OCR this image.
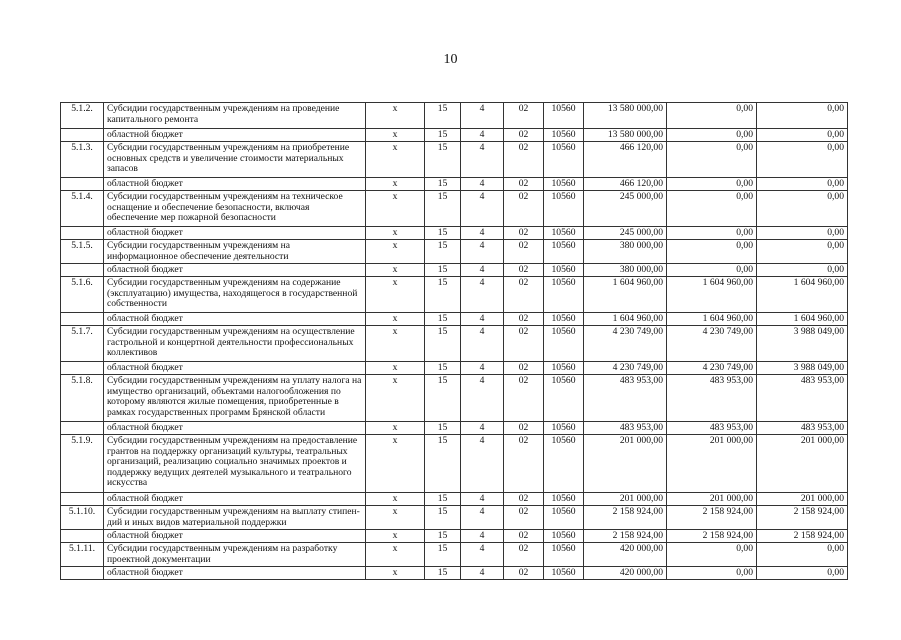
10
5.1.2.	Субсидии государственным учреждениям на проведение капитального ремонта	х	15	4	02	10560	13 580 000,00	0,00	0,00
	областной бюджет	х	15	4	02	10560	13 580 000,00	0,00	0,00
5.1.3.	Субсидии государственным учреждениям на приобретение основных средств и увеличение стоимости материальных запасов	х	15	4	02	10560	466 120,00	0,00	0,00
	областной бюджет	х	15	4	02	10560	466 120,00	0,00	0,00
5.1.4.	Субсидии государственным учреждениям на техническое оснащение и обеспечение безопасности, включая обеспечение мер пожарной безопасности	х	15	4	02	10560	245 000,00	0,00	0,00
	областной бюджет	х	15	4	02	10560	245 000,00	0,00	0,00
5.1.5.	Субсидии государственным учреждениям на информационное обеспечение деятельности	х	15	4	02	10560	380 000,00	0,00	0,00
	областной бюджет	х	15	4	02	10560	380 000,00	0,00	0,00
5.1.6.	Субсидии государственным учреждениям на содержание (эксплуатацию) имущества, находящегося в государственной собственности	х	15	4	02	10560	1 604 960,00	1 604 960,00	1 604 960,00
	областной бюджет	х	15	4	02	10560	1 604 960,00	1 604 960,00	1 604 960,00
5.1.7.	Субсидии государственным учреждениям на осуществление гастрольной и концертной деятельности профессиональных коллективов	х	15	4	02	10560	4 230 749,00	4 230 749,00	3 988 049,00
	областной бюджет	х	15	4	02	10560	4 230 749,00	4 230 749,00	3 988 049,00
5.1.8.	Субсидии государственным учреждениям на уплату налога на имущество организаций, объектами налогообложения по которому являются жилые помещения, приобретенные в рамках государственных программ Брянской области	х	15	4	02	10560	483 953,00	483 953,00	483 953,00
	областной бюджет	х	15	4	02	10560	483 953,00	483 953,00	483 953,00
5.1.9.	Субсидии государственным учреждениям на предоставление грантов на поддержку организаций культуры, театральных организаций, реализацию социально значимых проектов и поддержку ведущих деятелей музыкального и театрального искусства	х	15	4	02	10560	201 000,00	201 000,00	201 000,00
	областной бюджет	х	15	4	02	10560	201 000,00	201 000,00	201 000,00
5.1.10.	Субсидии государственным учреждениям на выплату стипен-дий и иных видов материальной поддержки	х	15	4	02	10560	2 158 924,00	2 158 924,00	2 158 924,00
	областной бюджет	х	15	4	02	10560	2 158 924,00	2 158 924,00	2 158 924,00
5.1.11.	Субсидии государственным учреждениям на разработку проектной документации	х	15	4	02	10560	420 000,00	0,00	0,00
	областной бюджет	х	15	4	02	10560	420 000,00	0,00	0,00
